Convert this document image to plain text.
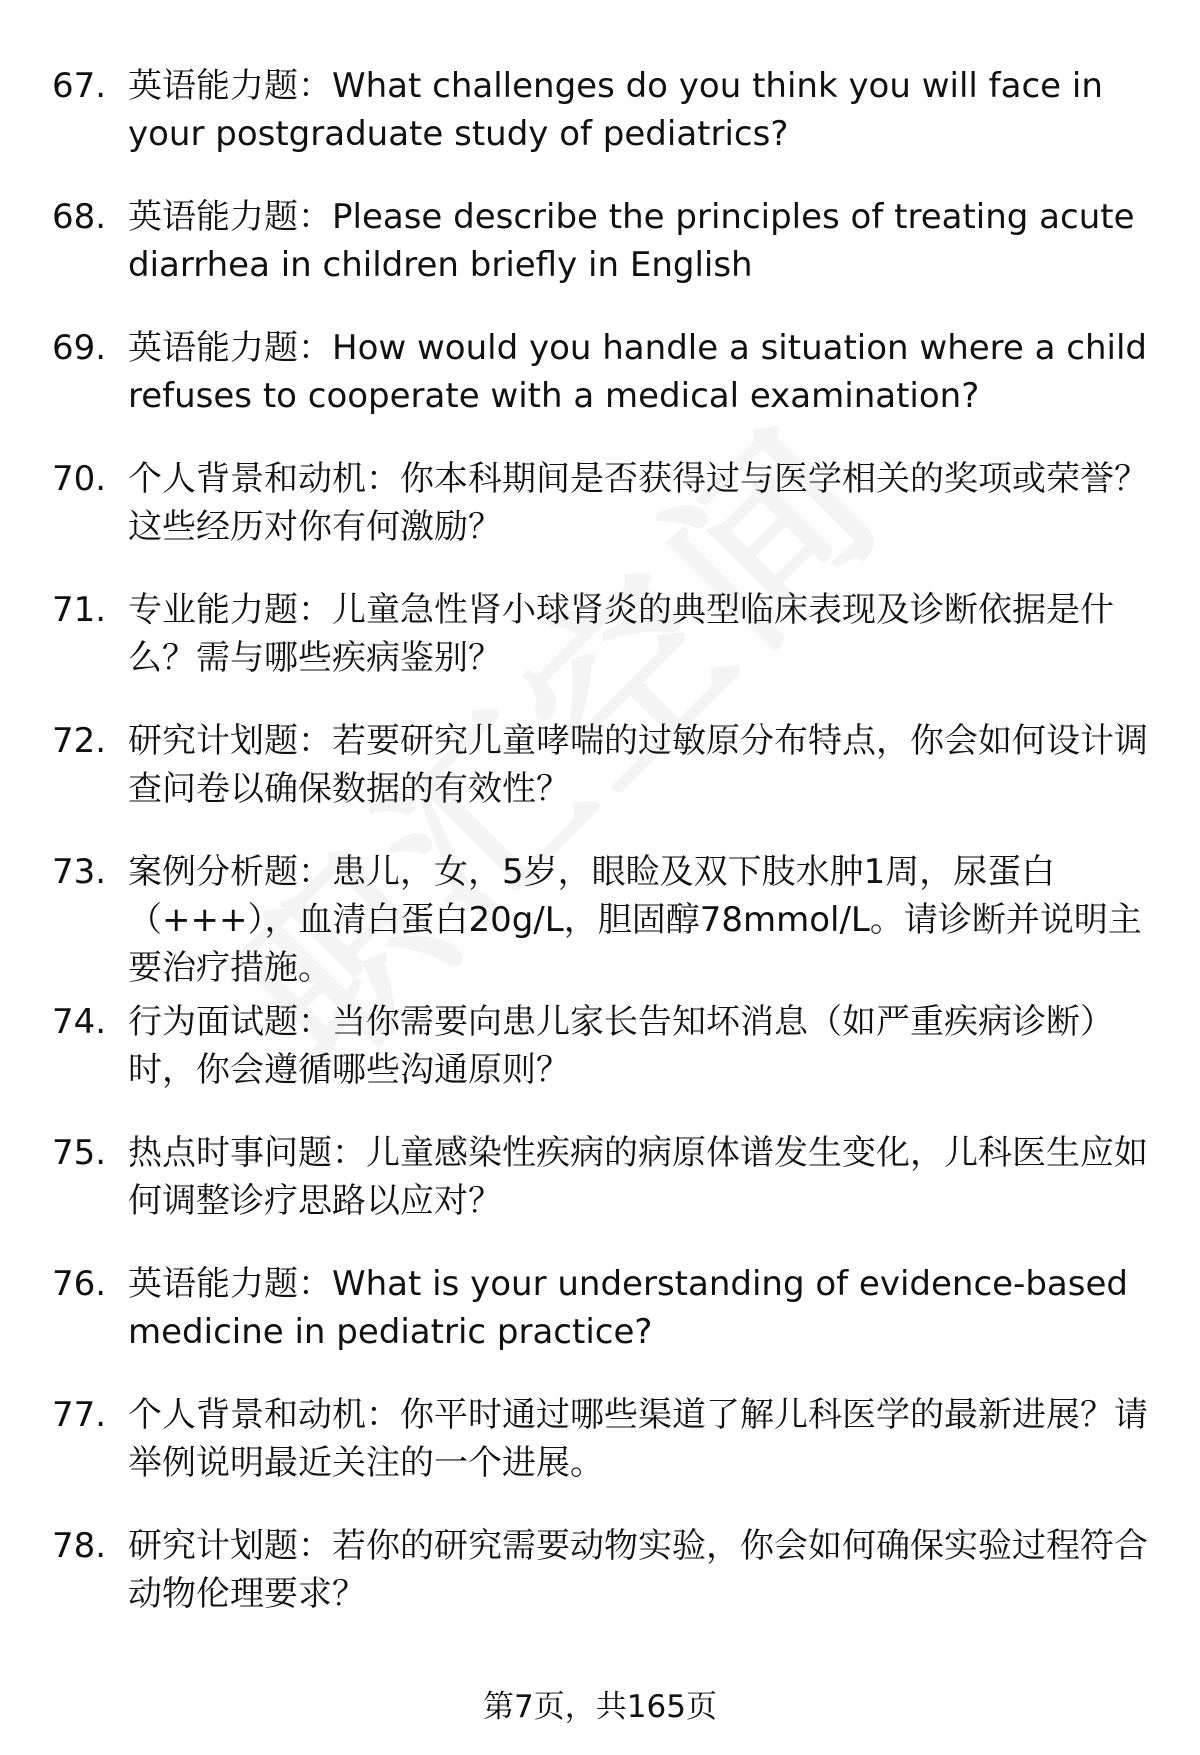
67. 英语能力题：What challenges do you think you will face in your postgraduate study of pediatrics?
68. 英语能力题：Please describe the principles of treating acute diarrhea in children briefly in English
69. 英语能力题：How would you handle a situation where a child refuses to cooperate with a medical examination?
70. 个人背景和动机：你本科期间是否获得过与医学相关的奖项或荣誉？这些经历对你有何激励？
71. 专业能力题：儿童急性肾小球肾炎的典型临床表现及诊断依据是什么？需与哪些疾病鉴别？
72. 研究计划题：若要研究儿童哮喘的过敏原分布特点，你会如何设计调查问卷以确保数据的有效性？
73. 案例分析题：患儿，女，5岁，眼睑及双下肢水肿1周，尿蛋白（+++），血清白蛋白20g/L，胆固醇78mmol/L。请诊断并说明主要治疗措施。
74. 行为面试题：当你需要向患儿家长告知坏消息（如严重疾病诊断）时，你会遵循哪些沟通原则？
75. 热点时事问题：儿童感染性疾病的病原体谱发生变化，儿科医生应如何调整诊疗思路以应对？
76. 英语能力题：What is your understanding of evidence-based medicine in pediatric practice?
77. 个人背景和动机：你平时通过哪些渠道了解儿科医学的最新进展？请举例说明最近关注的一个进展。
78. 研究计划题：若你的研究需要动物实验，你会如何确保实验过程符合动物伦理要求？
第7页，共165页
